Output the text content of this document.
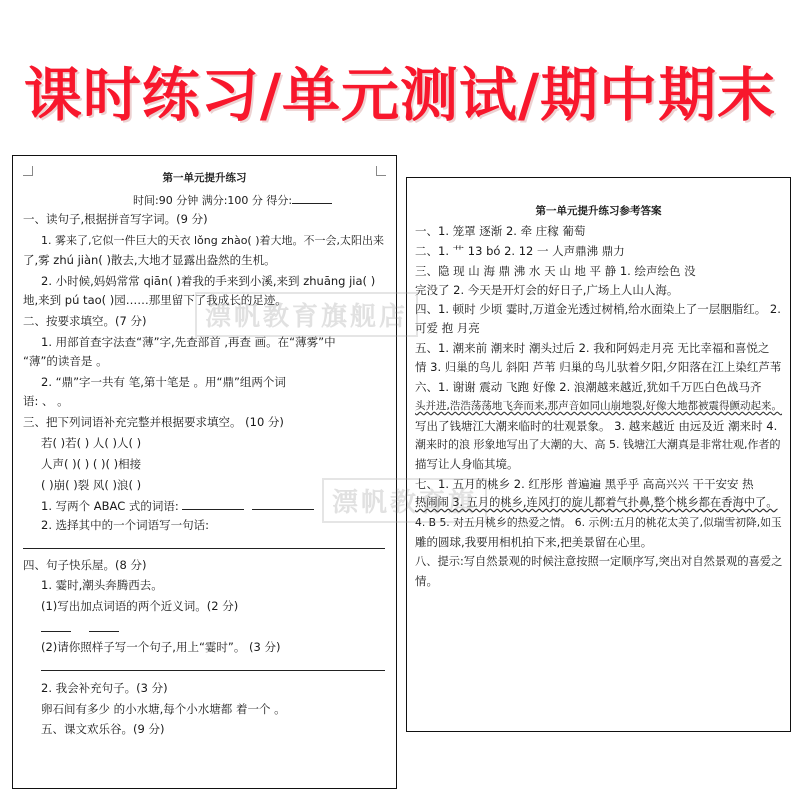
课时练习/单元测试/期中期末
第一单元提升练习
时间:90 分钟 满分:100 分 得分:
一、读句子,根据拼音写字词。(9 分)
1. 雾来了,它似一件巨大的天衣 lǒng zhào( )着大地。不一会,太阳出来
了,雾 zhú jiàn( )散去,大地才显露出盎然的生机。
2. 小时候,妈妈常常 qiān( )着我的手来到小溪,来到 zhuāng jia( )
地,来到 pú tao( )园……那里留下了我成长的足迹。
二、按要求填空。(7 分)
1. 用部首查字法查“薄”字,先查部首 ,再查 画。在“薄雾”中
“薄”的读音是 。
2. “鼎”字一共有 笔,第十笔是 。用“鼎”组两个词
语: 、 。
三、把下列词语补充完整并根据要求填空。 (10 分)
若( )若( ) 人( )人( )
人声( )( ) ( )( )相接
( )崩( )裂 风( )浪( )
1. 写两个 ABAC 式的词语:
2. 选择其中的一个词语写一句话:
四、句子快乐屋。(8 分)
1. 霎时,潮头奔腾西去。
(1)写出加点词语的两个近义词。(2 分)

(2)请你照样子写一个句子,用上“霎时”。 (3 分)
2. 我会补充句子。(3 分)
卵石间有多少 的小水塘,每个小水塘都 着一个 。
五、课文欢乐谷。(9 分)
第一单元提升练习参考答案
一、1. 笼罩 逐渐 2. 牵 庄稼 葡萄
二、1. ⺾ 13 bó 2. 12 一 人声鼎沸 鼎力
三、隐 现 山 海 鼎 沸 水 天 山 地 平 静 1. 绘声绘色 没
完没了 2. 今天是开灯会的好日子,广场上人山人海。
四、1. 顿时 少顷 霎时,万道金光透过树梢,给水面染上了一层胭脂红。 2.
可爱 抱 月亮
五、1. 潮来前 潮来时 潮头过后 2. 我和阿妈走月亮 无比幸福和喜悦之
情 3. 归巢的鸟儿 斜阳 芦苇 归巢的鸟儿驮着夕阳,夕阳落在江上染红芦苇
六、1. 谢谢 震动 飞跑 好像 2. 浪潮越来越近,犹如千万匹白色战马齐
头并进,浩浩荡荡地飞奔而来,那声音如同山崩地裂,好像大地都被震得颤动起来。
写出了钱塘江大潮来临时的壮观景象。 3. 越来越近 由远及近 潮来时 4.
潮来时的浪 形象地写出了大潮的大、高 5. 钱塘江大潮真是非常壮观,作者的
描写让人身临其境。
七、1. 五月的桃乡 2. 红彤彤 普遍遍 黑乎乎 高高兴兴 干干安安 热
热闹闹 3. 五月的桃乡,连风打的旋儿都着气扑鼻,整个桃乡都在香海中了。
4. B 5. 对五月桃乡的热爱之情。 6. 示例:五月的桃花太美了,似瑞雪初降,如玉
雕的圆球,我要用相机拍下来,把美景留在心里。
八、提示:写自然景观的时候注意按照一定顺序写,突出对自然景观的喜爱之
情。
漂帆教育旗舰店
漂帆教育旗
